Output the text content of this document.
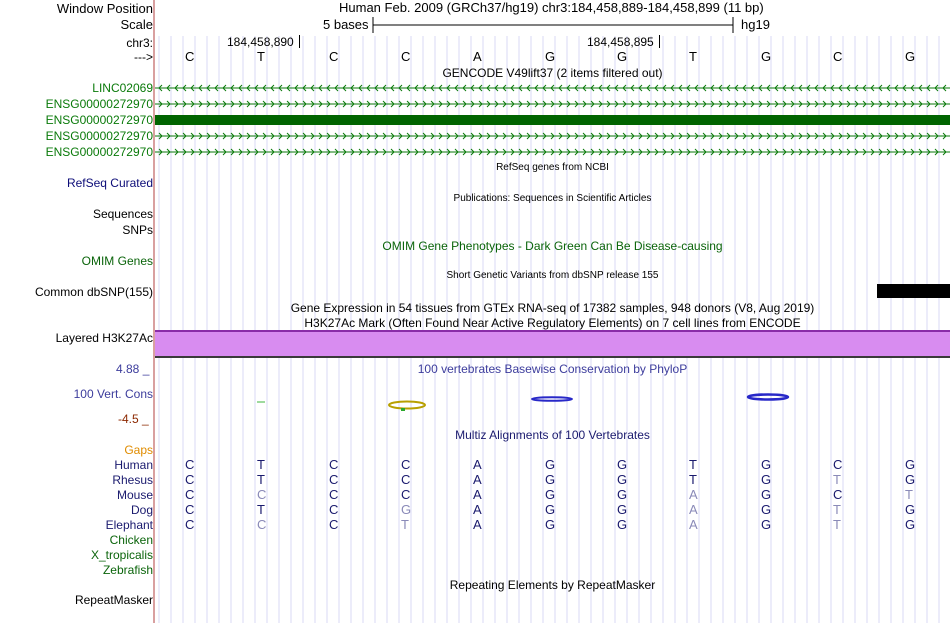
Window Position
Scale
chr3:
--->
Human Feb. 2009 (GRCh37/hg19) chr3:184,458,889-184,458,899 (11 bp)
5 bases	hg19
184,458,890	184,458,895
C	T	C	C	A	G	G	T	G	C	G
GENCODE V49lift37 (2 items filtered out)
LINC02069
ENSG00000272970
ENSG00000272970
ENSG00000272970
ENSG00000272970
RefSeq genes from NCBI
RefSeq Curated
Publications: Sequences in Scientific Articles
Sequences
SNPs
OMIM Gene Phenotypes - Dark Green Can Be Disease-causing
OMIM Genes
Short Genetic Variants from dbSNP release 155
Common dbSNP(155)
Gene Expression in 54 tissues from GTEx RNA-seq of 17382 samples, 948 donors (V8, Aug 2019)
H3K27Ac Mark (Often Found Near Active Regulatory Elements) on 7 cell lines from ENCODE
Layered H3K27Ac
4.88 _
100 Vert. Cons
-4.5 _
100 vertebrates Basewise Conservation by PhyloP
Multiz Alignments of 100 Vertebrates
Gaps
Human C	T	C	C	A	G	G	T	G	C	G
Rhesus C	T	C	C	A	G	G	T	G	T	G
Mouse C	C	C	C	A	G	G	A	G	C	T
Dog C	T	C	G	A	G	G	A	G	T	G
Elephant C	C	C	T	A	G	G	A	G	T	G
Chicken
X_tropicalis
Zebrafish
Repeating Elements by RepeatMasker
RepeatMasker
